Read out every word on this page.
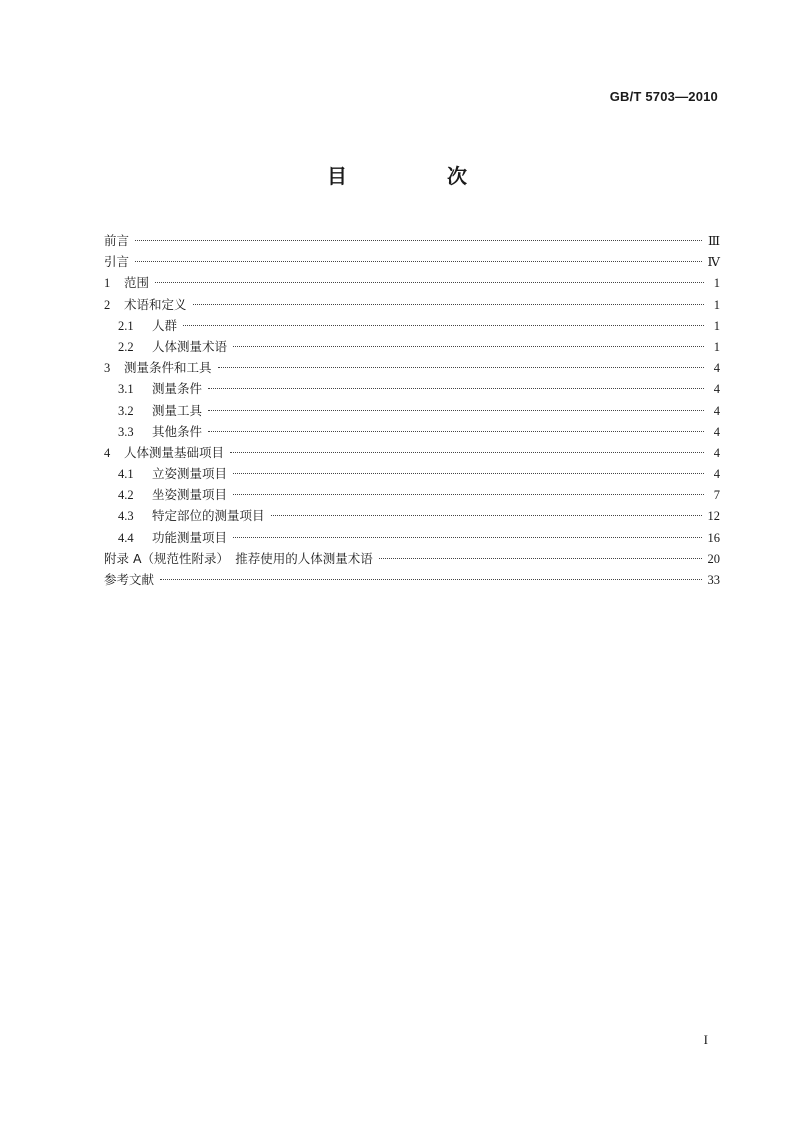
GB/T 5703—2010
目　次
前言	Ⅲ
引言	Ⅳ
1	范围	1
2	术语和定义	1
2.1	人群	1
2.2	人体测量术语	1
3	测量条件和工具	4
3.1	测量条件	4
3.2	测量工具	4
3.3	其他条件	4
4	人体测量基础项目	4
4.1	立姿测量项目	4
4.2	坐姿测量项目	7
4.3	特定部位的测量项目	12
4.4	功能测量项目	16
附录 A（规范性附录）　推荐使用的人体测量术语	20
参考文献	33
I
